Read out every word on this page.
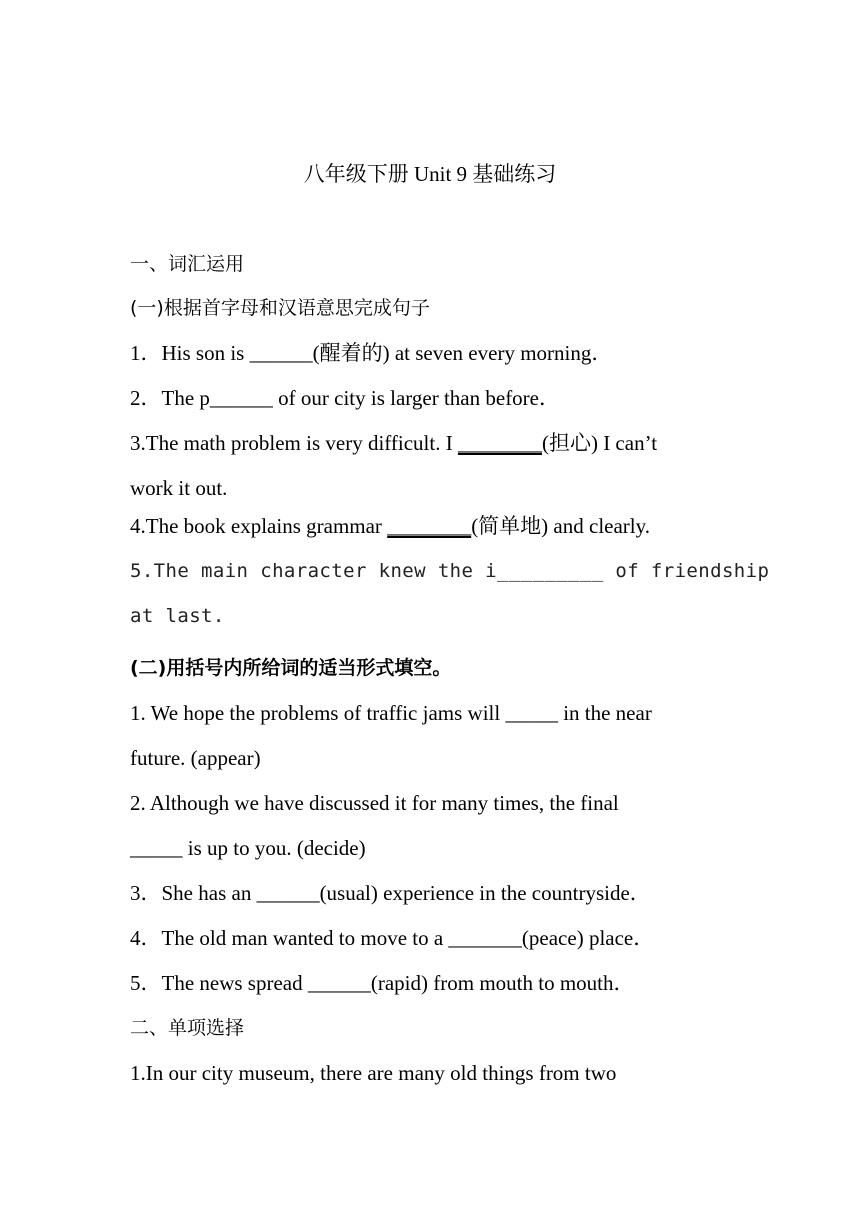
八年级下册 Unit 9 基础练习
一、词汇运用
(一)根据首字母和汉语意思完成句子
1．His son is ______(醒着的) at seven every morning．
2．The p______ of our city is larger than before．
3.The math problem is very difficult. I ________(担心) I can’t
work it out.
4.The book explains grammar ________(简单地) and clearly.
5.The main character knew the i_________ of friendship
at last.
(二)用括号内所给词的适当形式填空。
1. We hope the problems of traffic jams will _____ in the near
future. (appear)
2. Although we have discussed it for many times, the final
_____ is up to you. (decide)
3．She has an ______(usual) experience in the countryside．
4．The old man wanted to move to a _______(peace) place．
5．The news spread ______(rapid) from mouth to mouth．
二、单项选择
1.In our city museum, there are many old things from two
